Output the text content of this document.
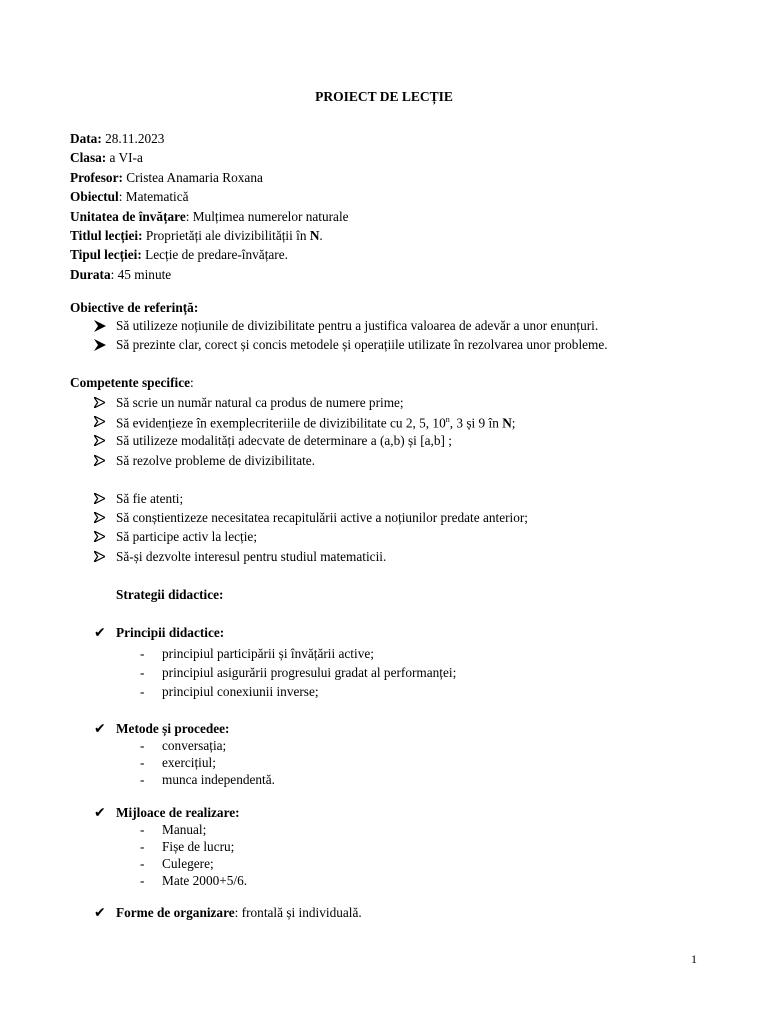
PROIECT DE LECȚIE
Data: 28.11.2023
Clasa: a VI-a
Profesor: Cristea Anamaria Roxana
Obiectul: Matematică
Unitatea de învățare: Mulțimea numerelor naturale
Titlul lecției: Proprietăți ale divizibilității în N.
Tipul lecției: Lecție de predare-învățare.
Durata: 45 minute
Obiective de referință:
Să utilizeze noțiunile de divizibilitate pentru a justifica valoarea de adevăr a unor enunțuri.
Să prezinte clar, corect și concis metodele și operațiile utilizate în rezolvarea unor probleme.
Competente specifice:
Să scrie un număr natural ca produs de numere prime;
Să evidențieze în exemplecriteriile de divizibilitate cu 2, 5, 10$^n$, 3 și 9 în N;
Să utilizeze modalități adecvate de determinare a (a,b) și [a,b] ;
Să rezolve probleme de divizibilitate.
Să fie atenti;
Să conștientizeze necesitatea recapitulării active a noțiunilor predate anterior;
Să participe activ la lecție;
Să-și dezvolte interesul pentru studiul matematicii.
Strategii didactice:
✔ Principii didactice:
-	principiul participării și învățării active;
-	principiul asigurării progresului gradat al performanței;
-	principiul conexiunii inverse;
✔ Metode și procedee:
-	conversația;
-	exercițiul;
-	munca independentă.
✔ Mijloace de realizare:
-	Manual;
-	Fișe de lucru;
-	Culegere;
-	Mate 2000+5/6.
✔ Forme de organizare : frontală și individuală.
1
